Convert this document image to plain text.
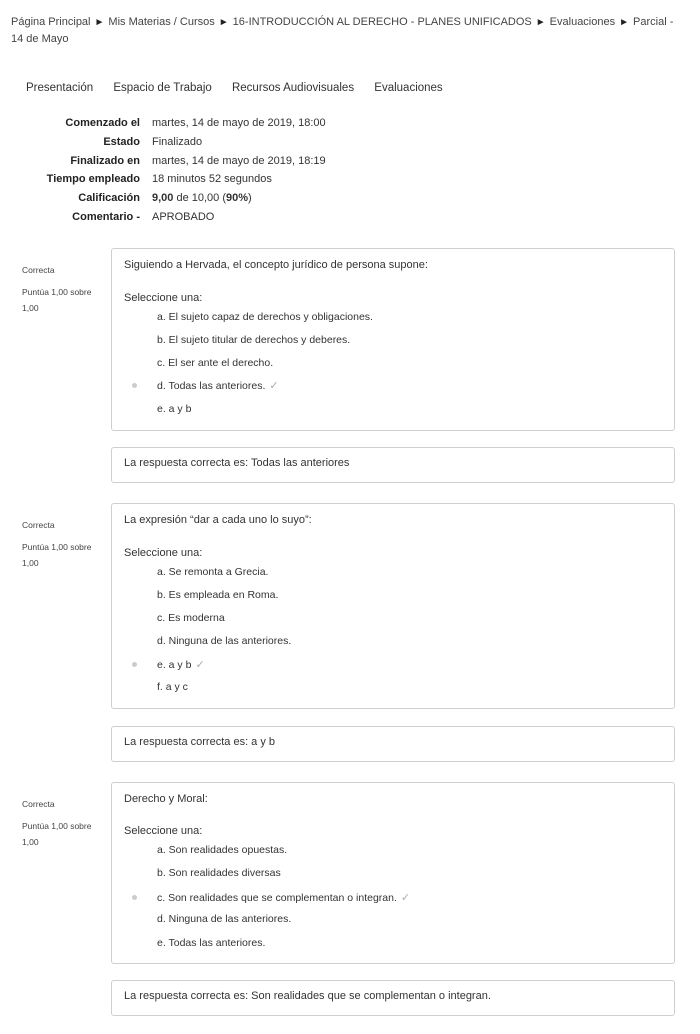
Página Principal ► Mis Materias / Cursos ► 16-INTRODUCCIÓN AL DERECHO - PLANES UNIFICADOS ► Evaluaciones ► Parcial - 14 de Mayo
Presentación Espacio de Trabajo Recursos Audiovisuales Evaluaciones
Comenzado el martes, 14 de mayo de 2019, 18:00
Estado Finalizado
Finalizado en martes, 14 de mayo de 2019, 18:19
Tiempo empleado 18 minutos 52 segundos
Calificación 9,00 de 10,00 (90%)
Comentario - APROBADO
Correcta
Puntúa 1,00 sobre 1,00
Siguiendo a Hervada, el concepto jurídico de persona supone:
Seleccione una:
a. El sujeto capaz de derechos y obligaciones.
b. El sujeto titular de derechos y deberes.
c. El ser ante el derecho.
d. Todas las anteriores. ✓
e. a y b
La respuesta correcta es: Todas las anteriores
Correcta
Puntúa 1,00 sobre 1,00
La expresión “dar a cada uno lo suyo”:
Seleccione una:
a. Se remonta a Grecia.
b. Es empleada en Roma.
c. Es moderna
d. Ninguna de las anteriores.
e. a y b ✓
f. a y c
La respuesta correcta es: a y b
Correcta
Puntúa 1,00 sobre 1,00
Derecho y Moral:
Seleccione una:
a. Son realidades opuestas.
b. Son realidades diversas
c. Son realidades que se complementan o integran. ✓
d. Ninguna de las anteriores.
e. Todas las anteriores.
La respuesta correcta es: Son realidades que se complementan o integran.
